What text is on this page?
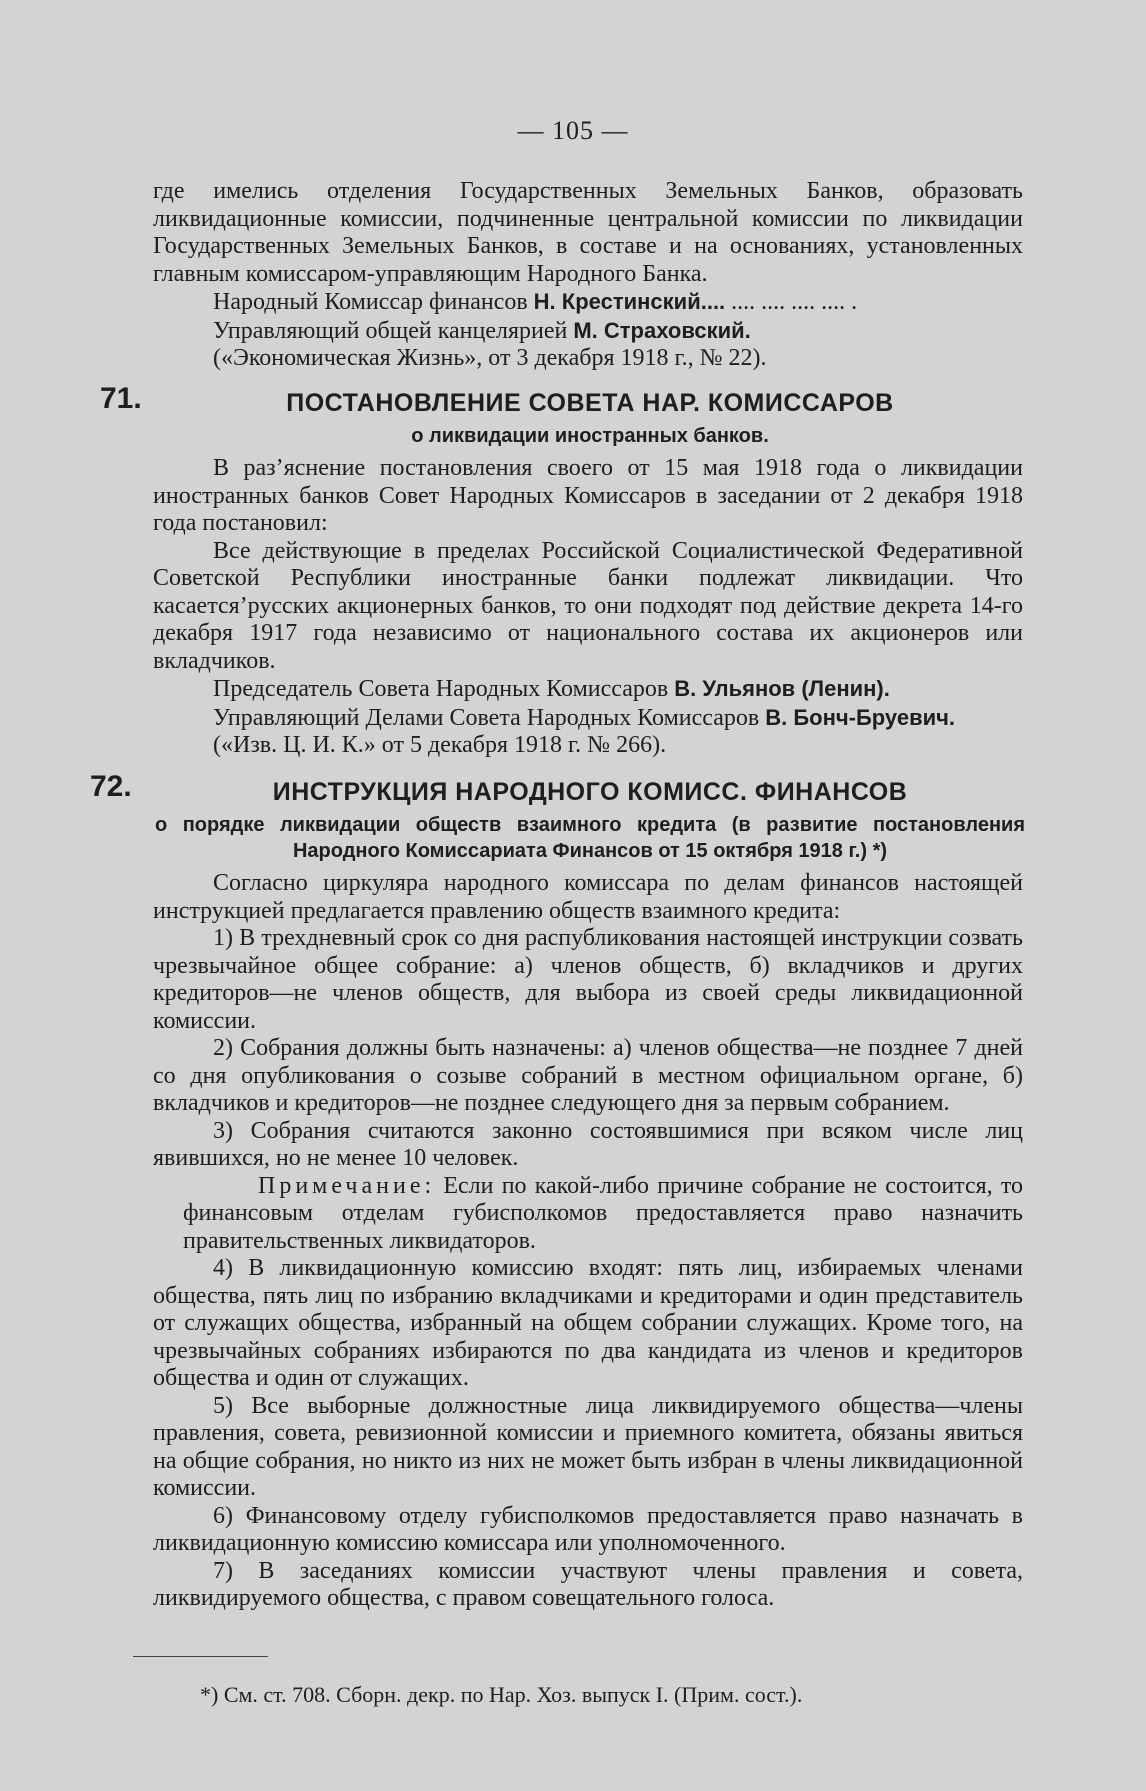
— 105 —

где имелись отделения Государственных Земельных Банков, образовать ликвидационные комиссии, подчиненные центральной комиссии по ликвидации Государственных Земельных Банков, в составе и на основаниях, установленных главным комиссаром-управляющим Народного Банка.

Народный Комиссар финансов Н. Крестинский.... .... .... .... .... .

Управляющий общей канцелярией М. Страховский.

(«Экономическая Жизнь», от 3 декабря 1918 г., № 22).

71.	ПОСТАНОВЛЕНИЕ СОВЕТА НАР. КОМИССАРОВ
о ликвидации иностранных банков.

В раз’яснение постановления своего от 15 мая 1918 года о ликвидации иностранных банков Совет Народных Комиссаров в заседании от 2 декабря 1918 года постановил:

Все действующие в пределах Российской Социалистической Федеративной Советской Республики иностранные банки подлежат ликвидации. Что касается’русских акционерных банков, то они подходят под действие декрета 14-го декабря 1917 года независимо от национального состава их акционеров или вкладчиков.

Председатель Совета Народных Комиссаров В. Ульянов (Ленин).

Управляющий Делами Совета Народных Комиссаров В. Бонч-Бруевич.

(«Изв. Ц. И. К.» от 5 декабря 1918 г. № 266).

72.	ИНСТРУКЦИЯ НАРОДНОГО КОМИСС. ФИНАНСОВ
о порядке ликвидации обществ взаимного кредита (в развитие постановления Народного Комиссариата Финансов от 15 октября 1918 г.) *)

Согласно циркуляра народного комиссара по делам финансов настоящей инструкцией предлагается правлению обществ взаимного кредита:

1) В трехдневный срок со дня распубликования настоящей инструкции созвать чрезвычайное общее собрание: а) членов обществ, б) вкладчиков и других кредиторов—не членов обществ, для выбора из своей среды ликвидационной комиссии.

2) Собрания должны быть назначены: а) членов общества—не позднее 7 дней со дня опубликования о созыве собраний в местном официальном органе, б) вкладчиков и кредиторов—не позднее следующего дня за первым собранием.

3) Собрания считаются законно состоявшимися при всяком числе лиц явившихся, но не менее 10 человек.

Примечание: Если по какой-либо причине собрание не состоится, то финансовым отделам губисполкомов предоставляется право назначить правительственных ликвидаторов.

4) В ликвидационную комиссию входят: пять лиц, избираемых членами общества, пять лиц по избранию вкладчиками и кредиторами и один представитель от служащих общества, избранный на общем собрании служащих. Кроме того, на чрезвычайных собраниях избираются по два кандидата из членов и кредиторов общества и один от служащих.

5) Все выборные должностные лица ликвидируемого общества—члены правления, совета, ревизионной комиссии и приемного комитета, обязаны явиться на общие собрания, но никто из них не может быть избран в члены ликвидационной комиссии.

6) Финансовому отделу губисполкомов предоставляется право назначать в ликвидационную комиссию комиссара или уполномоченного.

7) В заседаниях комиссии участвуют члены правления и совета, ликвидируемого общества, с правом совещательного голоса.

*) См. ст. 708. Сборн. декр. по Нар. Хоз. выпуск I. (Прим. сост.).
